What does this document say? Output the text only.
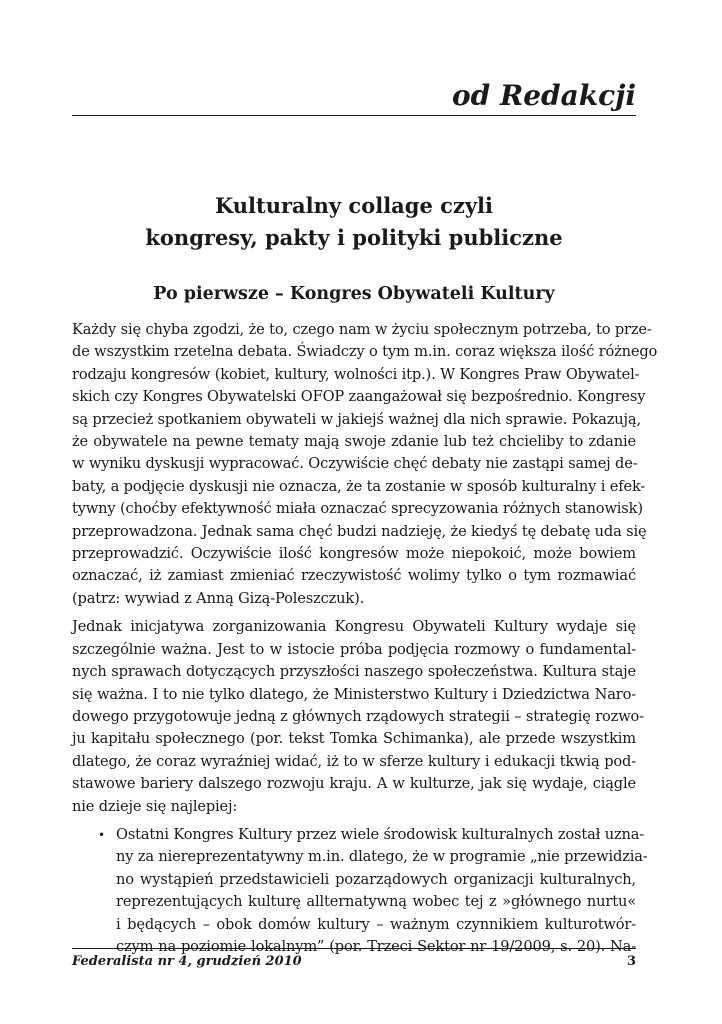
od Redakcji
Kulturalny collage czyli
kongresy, pakty i polityki publiczne
Po pierwsze – Kongres Obywateli Kultury

Każdy się chyba zgodzi, że to, czego nam w życiu społecznym potrzeba, to prze-
de wszystkim rzetelna debata. Świadczy o tym m.in. coraz większa ilość różnego
rodzaju kongresów (kobiet, kultury, wolności itp.). W Kongres Praw Obywatel-
skich czy Kongres Obywatelski OFOP zaangażował się bezpośrednio. Kongresy
są przecież spotkaniem obywateli w jakiejś ważnej dla nich sprawie. Pokazują,
że obywatele na pewne tematy mają swoje zdanie lub też chcieliby to zdanie
w wyniku dyskusji wypracować. Oczywiście chęć debaty nie zastąpi samej de-
baty, a podjęcie dyskusji nie oznacza, że ta zostanie w sposób kulturalny i efek-
tywny (choćby efektywność miała oznaczać sprecyzowania różnych stanowisk)
przeprowadzona. Jednak sama chęć budzi nadzieję, że kiedyś tę debatę uda się
przeprowadzić. Oczywiście ilość kongresów może niepokoić, może bowiem
oznaczać, iż zamiast zmieniać rzeczywistość wolimy tylko o tym rozmawiać
(patrz: wywiad z Anną Gizą-Poleszczuk).

Jednak inicjatywa zorganizowania Kongresu Obywateli Kultury wydaje się
szczególnie ważna. Jest to w istocie próba podjęcia rozmowy o fundamental-
nych sprawach dotyczących przyszłości naszego społeczeństwa. Kultura staje
się ważna. I to nie tylko dlatego, że Ministerstwo Kultury i Dziedzictwa Naro-
dowego przygotowuje jedną z głównych rządowych strategii – strategię rozwo-
ju kapitału społecznego (por. tekst Tomka Schimanka), ale przede wszystkim
dlatego, że coraz wyraźniej widać, iż to w sferze kultury i edukacji tkwią pod-
stawowe bariery dalszego rozwoju kraju. A w kulturze, jak się wydaje, ciągle
nie dzieje się najlepiej:

• Ostatni Kongres Kultury przez wiele środowisk kulturalnych został uzna-
ny za niereprezentatywny m.in. dlatego, że w programie „nie przewidzia-
no wystąpień przedstawicieli pozarządowych organizacji kulturalnych,
reprezentujących kulturę allternatywną wobec tej z »głównego nurtu«
i będących – obok domów kultury – ważnym czynnikiem kulturotwór-
czym na poziomie lokalnym” (por. Trzeci Sektor nr 19/2009, s. 20). Na-
Federalista nr 4, grudzień 2010	3
